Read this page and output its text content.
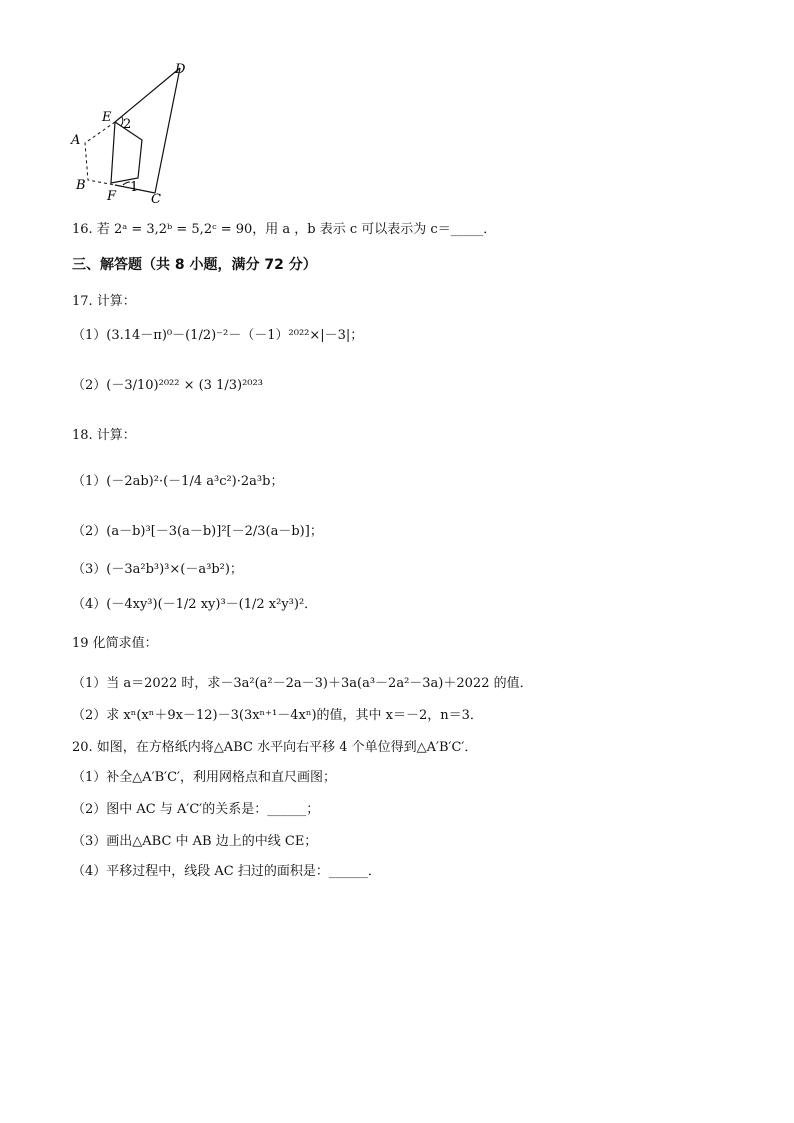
D
E 2
A
B
F
1
C
16. 若 2ᵃ = 3,2ᵇ = 5,2ᶜ = 90，用 a ，b 表示 c 可以表示为 c＝_____．
三、解答题（共 8 小题，满分 72 分）
17. 计算：
（1）(3.14－π)⁰－(1/2)⁻²－（－1）²⁰²²×|－3|；
（2）(－3/10)²⁰²² × (3 1/3)²⁰²³
18. 计算：
（1）(－2ab)²·(－1/4 a³c²)·2a³b；
（2）(a－b)³[－3(a－b)]²[－2/3(a－b)]；
（3）(－3a²b³)³×(－a³b²)；
（4）(－4xy³)(－1/2 xy)³－(1/2 x²y³)²．
19 化简求值：
（1）当 a＝2022 时，求－3a²(a²－2a－3)＋3a(a³－2a²－3a)＋2022 的值．
（2）求 xⁿ(xⁿ＋9x－12)－3(3xⁿ⁺¹－4xⁿ)的值，其中 x＝－2，n＝3．
20. 如图，在方格纸内将△ABC 水平向右平移 4 个单位得到△A′B′C′．
（1）补全△A′B′C′，利用网格点和直尺画图；
（2）图中 AC 与 A′C′的关系是：______；
（3）画出△ABC 中 AB 边上的中线 CE；
（4）平移过程中，线段 AC 扫过的面积是：______．
